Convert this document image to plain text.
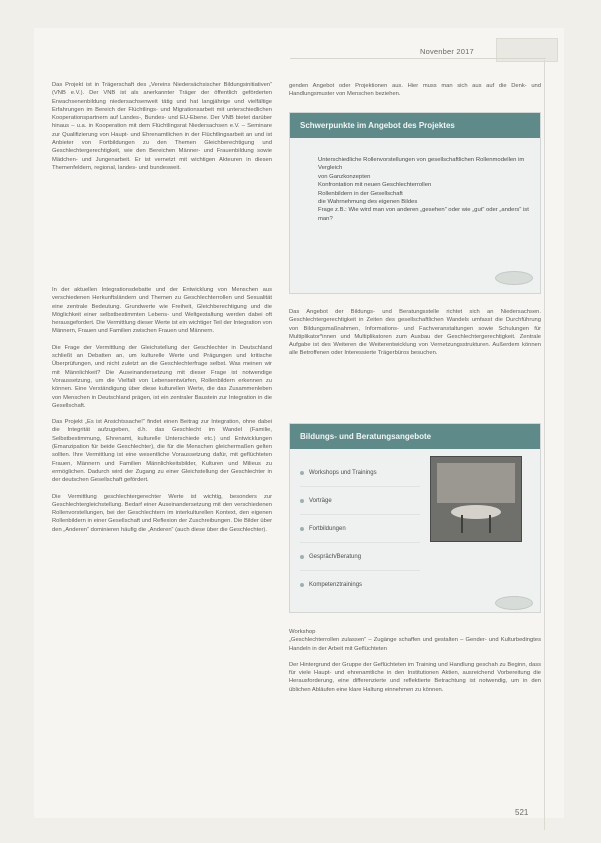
Novenber 2017

Das Projekt ist in Trägerschaft des „Vereins Niedersächsischer Bildungsinitiativen“ (VNB e.V.). Der VNB ist als anerkannter Träger der öffentlich geförderten Erwachsenenbildung niedersachsenweit tätig und hat langjährige und vielfältige Erfahrungen im Bereich der Flüchtlings- und Migrationsarbeit mit unterschiedlichen Kooperationspartnern auf Landes-, Bundes- und EU-Ebene. Der VNB bietet darüber hinaus – u.a. in Kooperation mit dem Flüchtlingsrat Niedersachsen e.V. – Seminare zur Qualifizierung von Haupt- und Ehrenamtlichen in der Flüchtlingsarbeit an und ist Anbieter von Fortbildungen zu den Themen Gleichberechtigung und Geschlechtergerechtigkeit, wie den Bereichen Männer- und Frauenbildung sowie Mädchen- und Jungenarbeit. Er ist vernetzt mit wichtigen Akteuren in diesen Themenfeldern, regional, landes- und bundesweit.

In der aktuellen Integrationsdebatte und der Entwicklung von Menschen aus verschiedenen Herkunftsländern und Themen zu Geschlechterrollen und Sexualität eine zentrale Bedeutung. Grundwerte wie Freiheit, Gleichberechtigung und die Möglichkeit einer selbstbestimmten Lebens- und Weltgestaltung werden dabei oft herausgefordert. Die Vermittlung dieser Werte ist ein wichtiger Teil der Integration von Männern, Frauen und Familien zwischen Frauen und Männern.

Die Frage der Vermittlung der Gleichstellung der Geschlechter in Deutschland schließt an Debatten an, um kulturelle Werte und Prägungen und kritische Überprüfungen, und nicht zuletzt an die Geschlechterfrage selbst. Was meinen wir mit Männlichkeit? Die Auseinandersetzung mit dieser Frage ist notwendige Voraussetzung, um die Vielfalt von Lebensentwürfen, Rollenbildern erkennen zu können. Eine Verständigung über diese kulturellen Werte, die das Zusammenleben von Menschen in Deutschland prägen, ist ein zentraler Baustein zur Integration in die Gesellschaft.

Das Projekt „Es ist Ansichtssache!“ findet einen Beitrag zur Integration, ohne dabei die Integrität aufzugeben, d.h. das Geschlecht im Wandel (Familie, Selbstbestimmung, Ehrenamt, kulturelle Unterschiede etc.) und Entwicklungen (Emanzipation für beide Geschlechter), die für die Menschen gleichermaßen gelten sollten. Ihre Vermittlung ist eine wesentliche Voraussetzung dafür, mit geflüchteten Frauen, Männern und Familien Männlichkeitsbilder, Kulturen und Milieus zu ermöglichen. Dadurch wird der Zugang zu einer Gleichstellung der Geschlechter in der deutschen Gesellschaft gefördert.

Die Vermittlung geschlechtergerechter Werte ist wichtig, besonders zur Geschlechtergleichstellung. Bedarf einer Auseinandersetzung mit den verschiedenen Rollenvorstellungen, bei der Geschlechtern im interkulturellen Kontext, den eigenen Rollenbildern in einer Gesellschaft und Reflexion der Zuschreibungen. Die Bilder über den „Anderen“ dominieren häufig die „Anderen“ (auch diese über die Geschlechter).

genden Angebot oder Projektionen aus. Hier muss man sich aus auf die Denk- und Handlungsmuster von Menschen beziehen.

Schwerpunkte im Angebot des Projektes
Unterschiedliche Rollenvorstellungen von gesellschaftlichen Rollenmodellen im Vergleich
von Ganzkonzepten
Konfrontation mit neuen Geschlechterrollen
Rollenbildern in der Gesellschaft
die Wahrnehmung des eigenen Bildes
Frage z.B.: Wie wird man von anderen „gesehen“ oder wie „gut“ oder „anders“ ist man?

Das Angebot der Bildungs- und Beratungsstelle richtet sich an Niedersachsen. Geschlechtergerechtigkeit in Zeiten des gesellschaftlichen Wandels umfasst die Durchführung von Bildungsmaßnahmen, Informations- und Fachveranstaltungen sowie Schulungen für Multiplikator*innen und Multiplikatoren zum Ausbau der Geschlechtergerechtigkeit. Zentrale Aufgabe ist des Weiteren die Weiterentwicklung von Vernetzungsstrukturen. Außerdem können alle Betroffenen oder Interessierte Trägerbüros besuchen.

Bildungs- und Beratungsangebote
Workshops und Trainings
Vorträge
Fortbildungen
Gespräch/Beratung
Kompetenztrainings
Workshop

„Geschlechterrollen zulassen“ – Zugänge schaffen und gestalten – Gender- und Kulturbedingtes Handeln in der Arbeit mit Geflüchteten

Der Hintergrund der Gruppe der Geflüchteten im Training und Handlung geschah zu Beginn, dass für viele Haupt- und ehrenamtliche in den Institutionen Aktien, ausreichend Vorbereitung die Herausforderung, eine differenzierte und reflektierte Betrachtung ist notwendig, um in den üblichen Abläufen eine klare Haltung einnehmen zu können.

521
